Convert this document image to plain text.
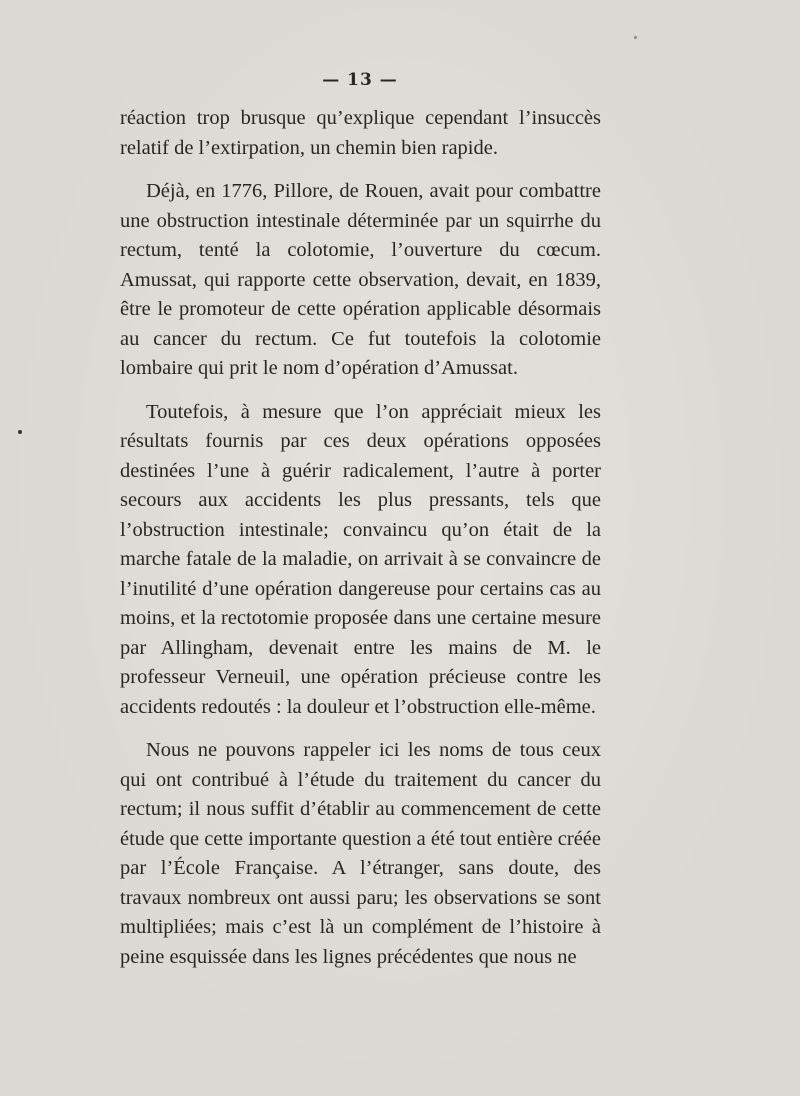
— 13 —

réaction trop brusque qu’explique cependant l’insuccès relatif de l’extirpation, un chemin bien rapide.

Déjà, en 1776, Pillore, de Rouen, avait pour combattre une obstruction intestinale déterminée par un squirrhe du rectum, tenté la colotomie, l’ouverture du cœcum. Amussat, qui rapporte cette observation, devait, en 1839, être le promoteur de cette opération applicable désormais au cancer du rectum. Ce fut toutefois la colotomie lombaire qui prit le nom d’opération d’Amussat.

Toutefois, à mesure que l’on appréciait mieux les résultats fournis par ces deux opérations opposées destinées l’une à guérir radicalement, l’autre à porter secours aux accidents les plus pressants, tels que l’obstruction intestinale; convaincu qu’on était de la marche fatale de la maladie, on arrivait à se convaincre de l’inutilité d’une opération dangereuse pour certains cas au moins, et la rectotomie proposée dans une certaine mesure par Allingham, devenait entre les mains de M. le professeur Verneuil, une opération précieuse contre les accidents redoutés : la douleur et l’obstruction elle-même.

Nous ne pouvons rappeler ici les noms de tous ceux qui ont contribué à l’étude du traitement du cancer du rectum; il nous suffit d’établir au commencement de cette étude que cette importante question a été tout entière créée par l’École Française. A l’étranger, sans doute, des travaux nombreux ont aussi paru; les observations se sont multipliées; mais c’est là un complément de l’histoire à peine esquissée dans les lignes précédentes que nous ne
